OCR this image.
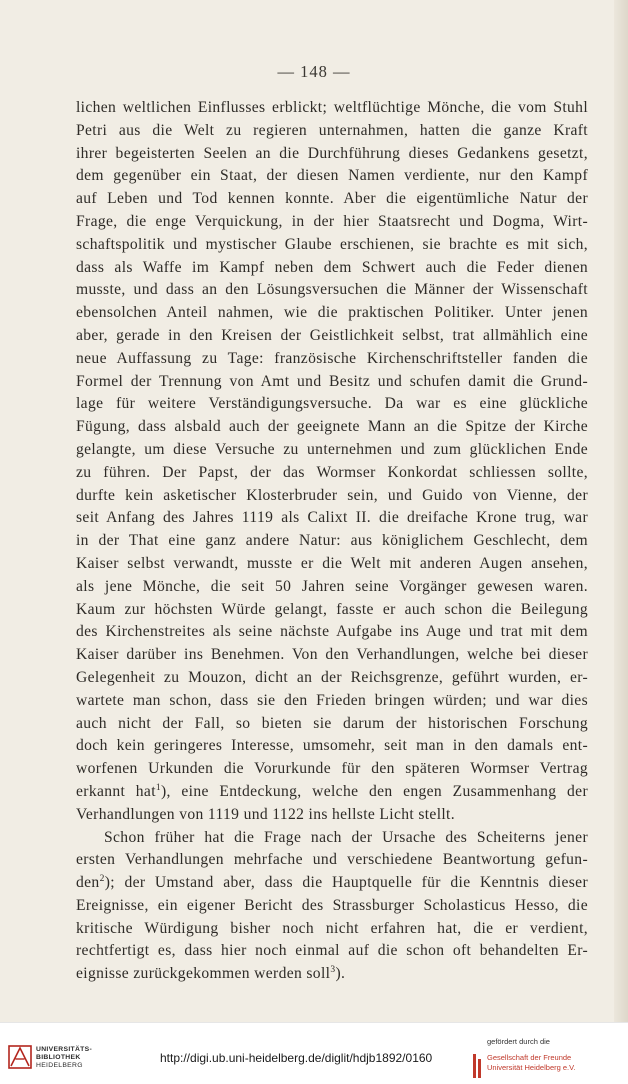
— 148 —
lichen weltlichen Einflusses erblickt; weltflüchtige Mönche, die vom Stuhl
Petri aus die Welt zu regieren unternahmen, hatten die ganze Kraft
ihrer begeisterten Seelen an die Durchführung dieses Gedankens gesetzt,
dem gegenüber ein Staat, der diesen Namen verdiente, nur den Kampf
auf Leben und Tod kennen konnte. Aber die eigentümliche Natur der
Frage, die enge Verquickung, in der hier Staatsrecht und Dogma, Wirt-
schaftspolitik und mystischer Glaube erschienen, sie brachte es mit sich,
dass als Waffe im Kampf neben dem Schwert auch die Feder dienen
musste, und dass an den Lösungsversuchen die Männer der Wissenschaft
ebensolchen Anteil nahmen, wie die praktischen Politiker. Unter jenen
aber, gerade in den Kreisen der Geistlichkeit selbst, trat allmählich eine
neue Auffassung zu Tage: französische Kirchenschriftsteller fanden die
Formel der Trennung von Amt und Besitz und schufen damit die Grund-
lage für weitere Verständigungsversuche. Da war es eine glückliche
Fügung, dass alsbald auch der geeignete Mann an die Spitze der Kirche
gelangte, um diese Versuche zu unternehmen und zum glücklichen Ende
zu führen. Der Papst, der das Wormser Konkordat schliessen sollte,
durfte kein asketischer Klosterbruder sein, und Guido von Vienne, der
seit Anfang des Jahres 1119 als Calixt II. die dreifache Krone trug, war
in der That eine ganz andere Natur: aus königlichem Geschlecht, dem
Kaiser selbst verwandt, musste er die Welt mit anderen Augen ansehen,
als jene Mönche, die seit 50 Jahren seine Vorgänger gewesen waren.
Kaum zur höchsten Würde gelangt, fasste er auch schon die Beilegung
des Kirchenstreites als seine nächste Aufgabe ins Auge und trat mit dem
Kaiser darüber ins Benehmen. Von den Verhandlungen, welche bei dieser
Gelegenheit zu Mouzon, dicht an der Reichsgrenze, geführt wurden, er-
wartete man schon, dass sie den Frieden bringen würden; und war dies
auch nicht der Fall, so bieten sie darum der historischen Forschung
doch kein geringeres Interesse, umsomehr, seit man in den damals ent-
worfenen Urkunden die Vorurkunde für den späteren Wormser Vertrag
erkannt hat$^1$), eine Entdeckung, welche den engen Zusammenhang der
Verhandlungen von 1119 und 1122 ins hellste Licht stellt.
Schon früher hat die Frage nach der Ursache des Scheiterns jener
ersten Verhandlungen mehrfache und verschiedene Beantwortung gefun-
den$^2$); der Umstand aber, dass die Hauptquelle für die Kenntnis dieser
Ereignisse, ein eigener Bericht des Strassburger Scholasticus Hesso, die
kritische Würdigung bisher noch nicht erfahren hat, die er verdient,
rechtfertigt es, dass hier noch einmal auf die schon oft behandelten Er-
eignisse zurückgekommen werden soll$^3$).
UNIVERSITÄTS-
BIBLIOTHEK
HEIDELBERG
http://digi.ub.uni-heidelberg.de/diglit/hdjb1892/0160
gefördert durch die
Gesellschaft der Freunde
Universität Heidelberg e.V.
